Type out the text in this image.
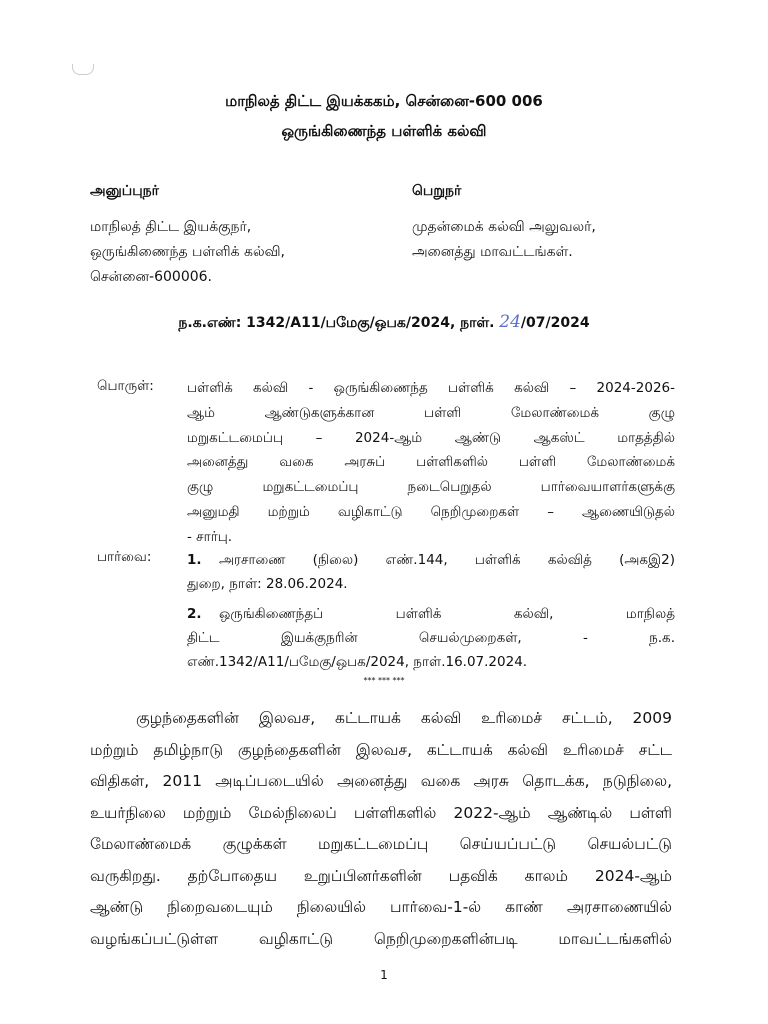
மாநிலத் திட்ட இயக்ககம், சென்னை-600 006
ஒருங்கிணைந்த பள்ளிக் கல்வி
அனுப்புநர்
மாநிலத் திட்ட இயக்குநர்,
ஒருங்கிணைந்த பள்ளிக் கல்வி,
சென்னை-600006.
பெறுநர்
முதன்மைக் கல்வி அலுவலர்,
அனைத்து மாவட்டங்கள்.
ந.க.எண்: 1342/A11/பமேகு/ஒபக/2024, நாள். 24/07/2024
பொருள்: பள்ளிக் கல்வி - ஒருங்கிணைந்த பள்ளிக் கல்வி – 2024-2026-
ஆம் ஆண்டுகளுக்கான பள்ளி மேலாண்மைக் குழு
மறுகட்டமைப்பு – 2024-ஆம் ஆண்டு ஆகஸ்ட் மாதத்தில்
அனைத்து வகை அரசுப் பள்ளிகளில் பள்ளி மேலாண்மைக்
குழு மறுகட்டமைப்பு நடைபெறுதல் பார்வையாளர்களுக்கு
அனுமதி மற்றும் வழிகாட்டு நெறிமுறைகள் – ஆணையிடுதல்
- சார்பு.
பார்வை:	1.	அரசாணை (நிலை) எண்.144, பள்ளிக் கல்வித் (அகஇ2)
துறை, நாள்: 28.06.2024.
2.	ஒருங்கிணைந்தப் பள்ளிக் கல்வி, மாநிலத்
திட்ட இயக்குநரின் செயல்முறைகள், - ந.க.
எண்.1342/A11/பமேகு/ஒபக/2024, நாள்.16.07.2024.
*** *** ***
குழந்தைகளின் இலவச, கட்டாயக் கல்வி உரிமைச் சட்டம், 2009
மற்றும் தமிழ்நாடு குழந்தைகளின் இலவச, கட்டாயக் கல்வி உரிமைச் சட்ட
விதிகள், 2011 அடிப்படையில் அனைத்து வகை அரசு தொடக்க, நடுநிலை,
உயர்நிலை மற்றும் மேல்நிலைப் பள்ளிகளில் 2022-ஆம் ஆண்டில் பள்ளி
மேலாண்மைக் குழுக்கள் மறுகட்டமைப்பு செய்யப்பட்டு செயல்பட்டு
வருகிறது. தற்போதைய உறுப்பினர்களின் பதவிக் காலம் 2024-ஆம்
ஆண்டு நிறைவடையும் நிலையில் பார்வை-1-ல் காண் அரசாணையில்
வழங்கப்பட்டுள்ள வழிகாட்டு நெறிமுறைகளின்படி மாவட்டங்களில்
1
